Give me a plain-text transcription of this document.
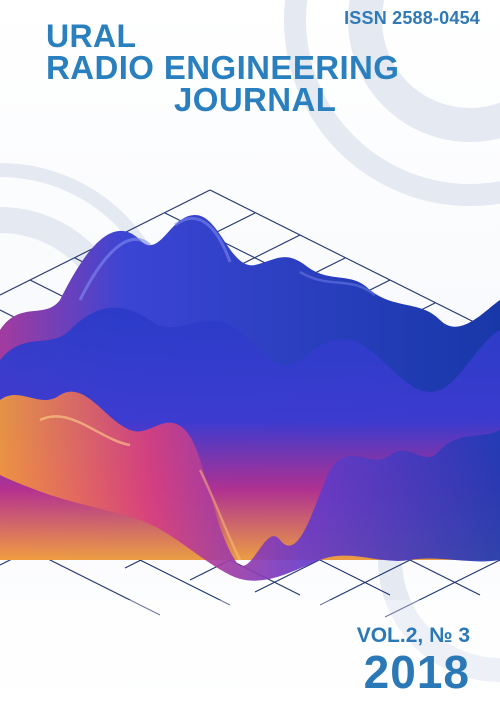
ISSN 2588-0454
URAL
RADIO ENGINEERING
JOURNAL
VOL.2, № 3
2018
